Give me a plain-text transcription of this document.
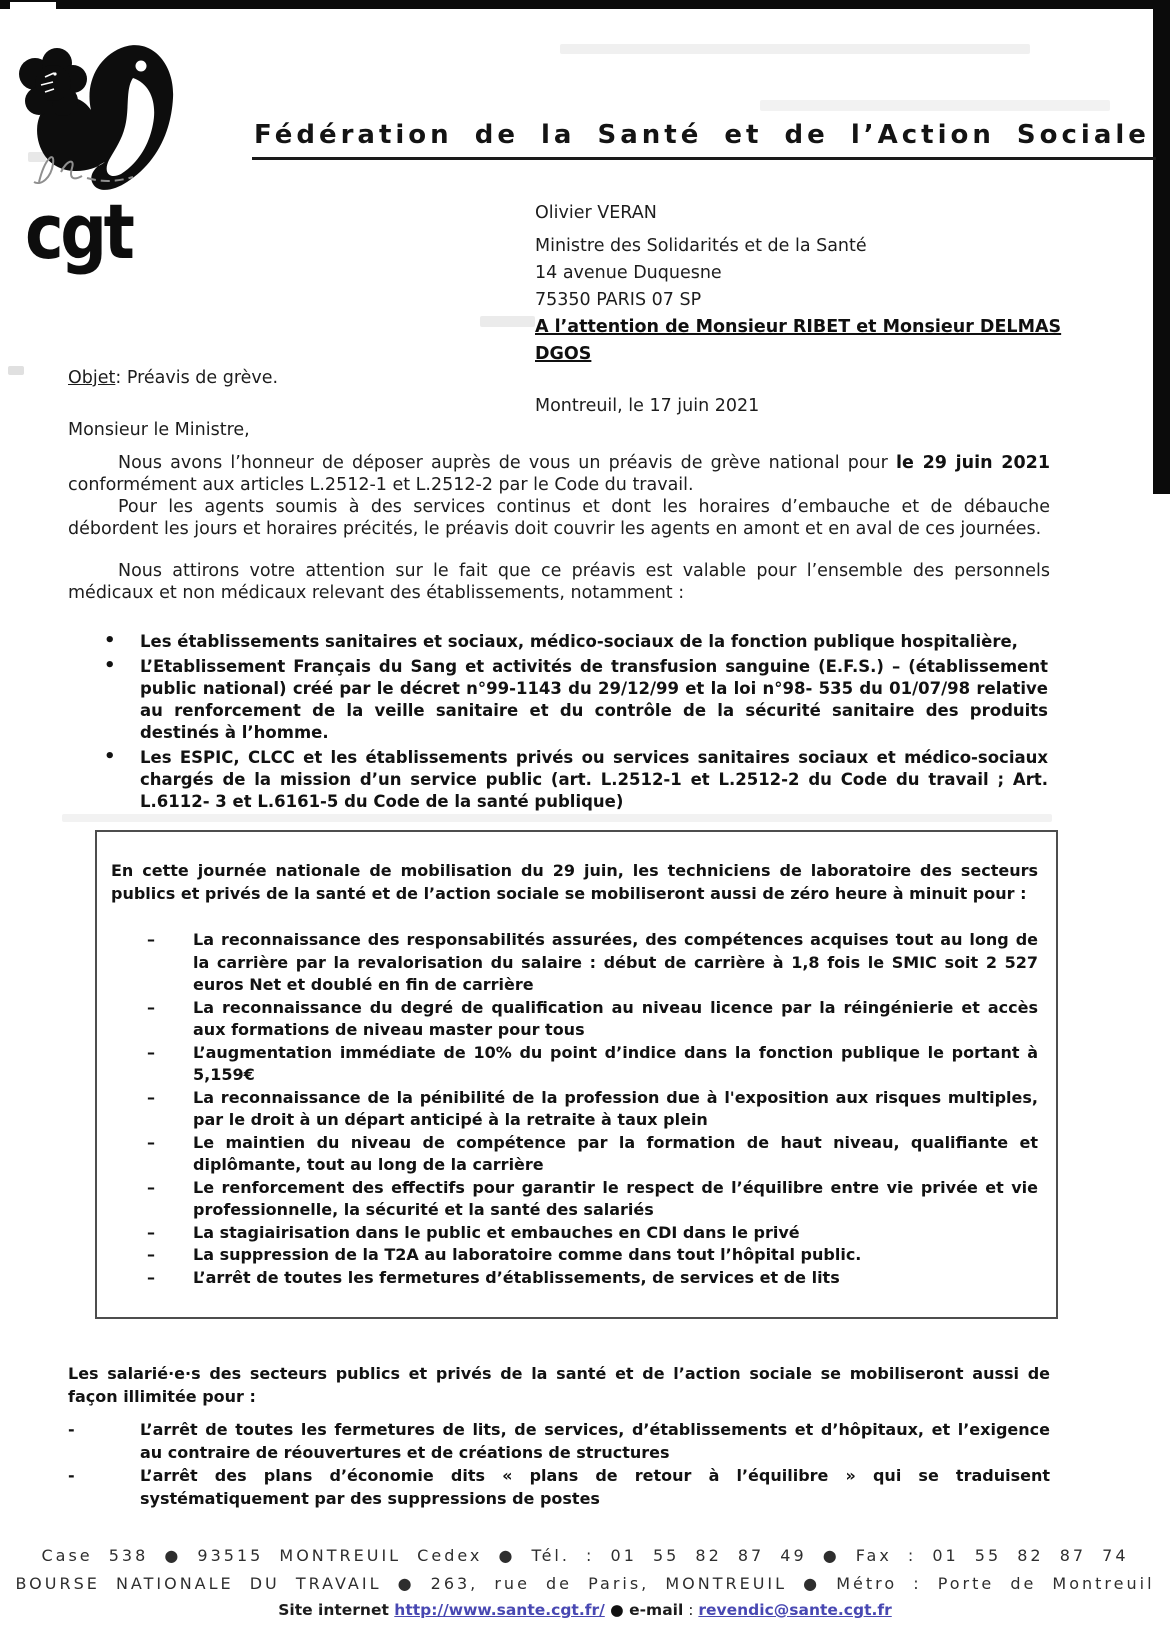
cgt
Fédération de la Santé et de l’Action Sociale
Olivier VERAN
Ministre des Solidarités et de la Santé
14 avenue Duquesne
75350 PARIS 07 SP
A l’attention de Monsieur RIBET et Monsieur DELMAS
DGOS
Objet: Préavis de grève.
Montreuil, le 17 juin 2021
Monsieur le Ministre,
Nous avons l’honneur de déposer auprès de vous un préavis de grève national pour le 29 juin 2021 conformément aux articles L.2512-1 et L.2512-2 par le Code du travail.
Pour les agents soumis à des services continus et dont les horaires d’embauche et de débauche débordent les jours et horaires précités, le préavis doit couvrir les agents en amont et en aval de ces journées.
Nous attirons votre attention sur le fait que ce préavis est valable pour l’ensemble des personnels médicaux et non médicaux relevant des établissements, notamment :
• Les établissements sanitaires et sociaux, médico-sociaux de la fonction publique hospitalière,
• L’Etablissement Français du Sang et activités de transfusion sanguine (E.F.S.) – (établissement public national) créé par le décret n°99-1143 du 29/12/99 et la loi n°98- 535 du 01/07/98 relative au renforcement de la veille sanitaire et du contrôle de la sécurité sanitaire des produits destinés à l’homme.
• Les ESPIC, CLCC et les établissements privés ou services sanitaires sociaux et médico-sociaux chargés de la mission d’un service public (art. L.2512-1 et L.2512-2 du Code du travail ; Art. L.6112- 3 et L.6161-5 du Code de la santé publique)

En cette journée nationale de mobilisation du 29 juin, les techniciens de laboratoire des secteurs publics et privés de la santé et de l’action sociale se mobiliseront aussi de zéro heure à minuit pour :

– La reconnaissance des responsabilités assurées, des compétences acquises tout au long de la carrière par la revalorisation du salaire : début de carrière à 1,8 fois le SMIC soit 2 527 euros Net et doublé en fin de carrière
– La reconnaissance du degré de qualification au niveau licence par la réingénierie et accès aux formations de niveau master pour tous
– L’augmentation immédiate de 10% du point d’indice dans la fonction publique le portant à 5,159€
– La reconnaissance de la pénibilité de la profession due à l'exposition aux risques multiples, par le droit à un départ anticipé à la retraite à taux plein
– Le maintien du niveau de compétence par la formation de haut niveau, qualifiante et diplômante, tout au long de la carrière
– Le renforcement des effectifs pour garantir le respect de l’équilibre entre vie privée et vie professionnelle, la sécurité et la santé des salariés
– La stagiairisation dans le public et embauches en CDI dans le privé
– La suppression de la T2A au laboratoire comme dans tout l’hôpital public.
– L’arrêt de toutes les fermetures d’établissements, de services et de lits
Les salarié·e·s des secteurs publics et privés de la santé et de l’action sociale se mobiliseront aussi de façon illimitée pour :
- L’arrêt de toutes les fermetures de lits, de services, d’établissements et d’hôpitaux, et l’exigence au contraire de réouvertures et de créations de structures
- L’arrêt des plans d’économie dits « plans de retour à l’équilibre » qui se traduisent systématiquement par des suppressions de postes
Case 538 ● 93515 MONTREUIL Cedex ● Tél. : 01 55 82 87 49 ● Fax : 01 55 82 87 74
BOURSE NATIONALE DU TRAVAIL ● 263, rue de Paris, MONTREUIL ● Métro : Porte de Montreuil
Site internet http://www.sante.cgt.fr/ ● e-mail : revendic@sante.cgt.fr
